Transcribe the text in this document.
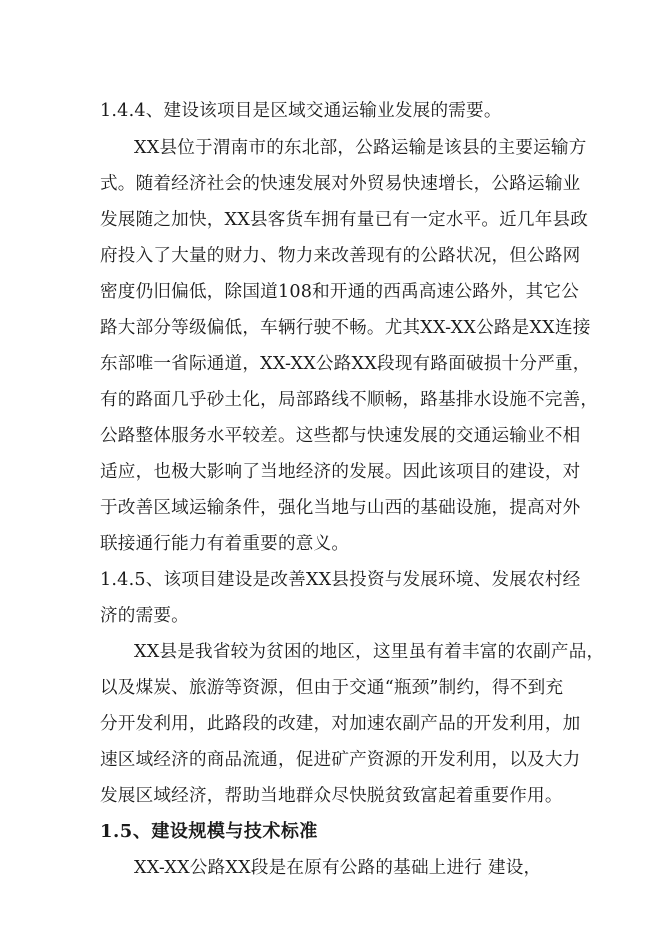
1.4.4、建设该项目是区域交通运输业发展的需要。
XX县位于渭南市的东北部，公路运输是该县的主要运输方
式。随着经济社会的快速发展对外贸易快速增长，公路运输业
发展随之加快，XX县客货车拥有量已有一定水平。近几年县政
府投入了大量的财力、物力来改善现有的公路状况，但公路网
密度仍旧偏低，除国道108和开通的西禹高速公路外，其它公
路大部分等级偏低，车辆行驶不畅。尤其XX-XX公路是XX连接
东部唯一省际通道，XX-XX公路XX段现有路面破损十分严重，
有的路面几乎砂土化，局部路线不顺畅，路基排水设施不完善，
公路整体服务水平较差。这些都与快速发展的交通运输业不相
适应，也极大影响了当地经济的发展。因此该项目的建设，对
于改善区域运输条件，强化当地与山西的基础设施，提高对外
联接通行能力有着重要的意义。
1.4.5、该项目建设是改善XX县投资与发展环境、发展农村经
济的需要。
XX县是我省较为贫困的地区，这里虽有着丰富的农副产品，
以及煤炭、旅游等资源，但由于交通“瓶颈”制约，得不到充
分开发利用，此路段的改建，对加速农副产品的开发利用，加
速区域经济的商品流通，促进矿产资源的开发利用，以及大力
发展区域经济，帮助当地群众尽快脱贫致富起着重要作用。
1.5、建设规模与技术标准
XX-XX公路XX段是在原有公路的基础上进行 建设，
